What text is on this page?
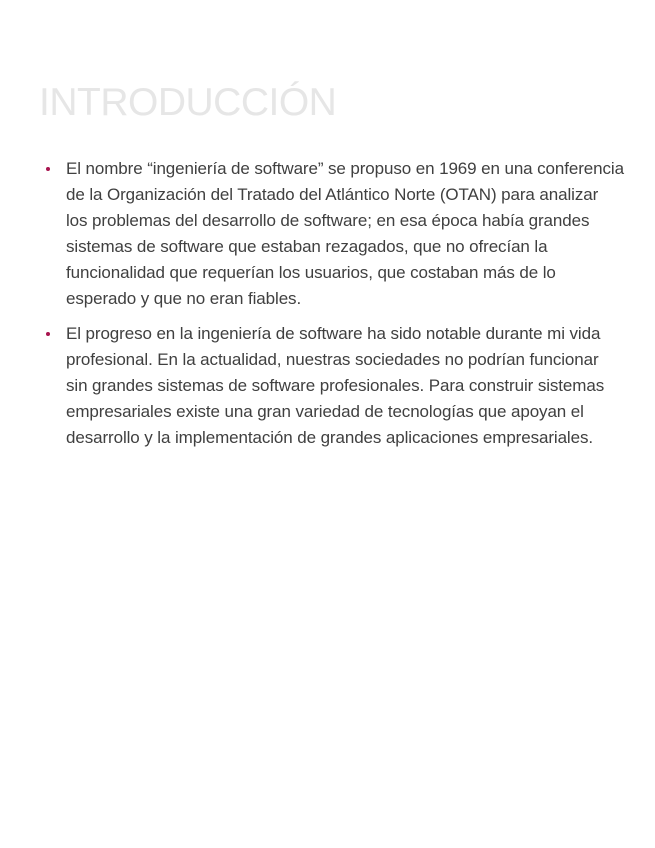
INTRODUCCIÓN
El nombre “ingeniería de software” se propuso en 1969 en una conferencia de la Organización del Tratado del Atlántico Norte (OTAN) para analizar los problemas del desarrollo de software; en esa época había grandes sistemas de software que estaban rezagados, que no ofrecían la funcionalidad que requerían los usuarios, que costaban más de lo esperado y que no eran fiables.
El progreso en la ingeniería de software ha sido notable durante mi vida profesional. En la actualidad, nuestras sociedades no podrían funcionar sin grandes sistemas de software profesionales. Para construir sistemas empresariales existe una gran variedad de tecnologías que apoyan el desarrollo y la implementación de grandes aplicaciones empresariales.
